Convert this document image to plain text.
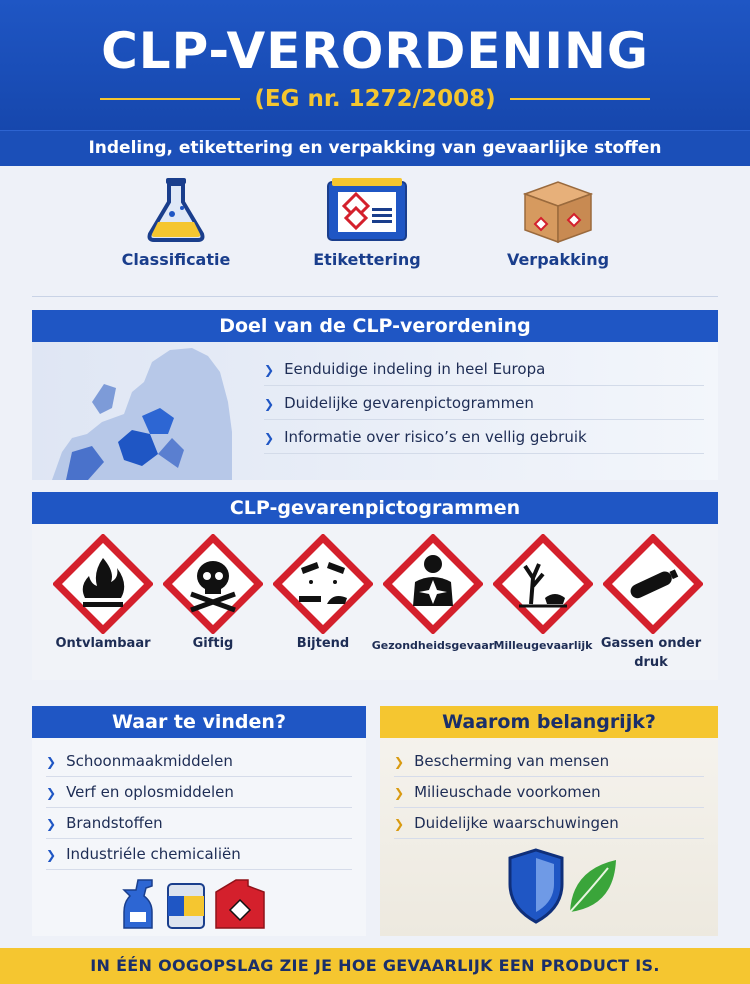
CLP-VERORDENING
(EG nr. 1272/2008)
Indeling, etikettering en verpakking van gevaarlijke stoffen
Classificatie	Etikettering	Verpakking
Doel van de CLP-verordening
❯ Eenduidige indeling in heel Europa
❯ Duidelijke gevarenpictogrammen
❯ Informatie over risico’s en vellig gebruik
CLP-gevarenpictogrammen
Ontvlambaar	Giftig	Bijtend	Gezondheidsgevaar Milleugevaarlijk Gassen onder druk
Waar te vinden?
❯ Schoonmaakmiddelen
❯ Verf en oplosmiddelen
❯ Brandstoffen
❯ Industriéle chemicaliën
Waarom belangrijk?
❯ Bescherming van mensen
❯ Milieuschade voorkomen
❯ Duidelijke waarschuwingen
IN ÉÉN OOGOPSLAG ZIE JE HOE GEVAARLIJK EEN PRODUCT IS.
